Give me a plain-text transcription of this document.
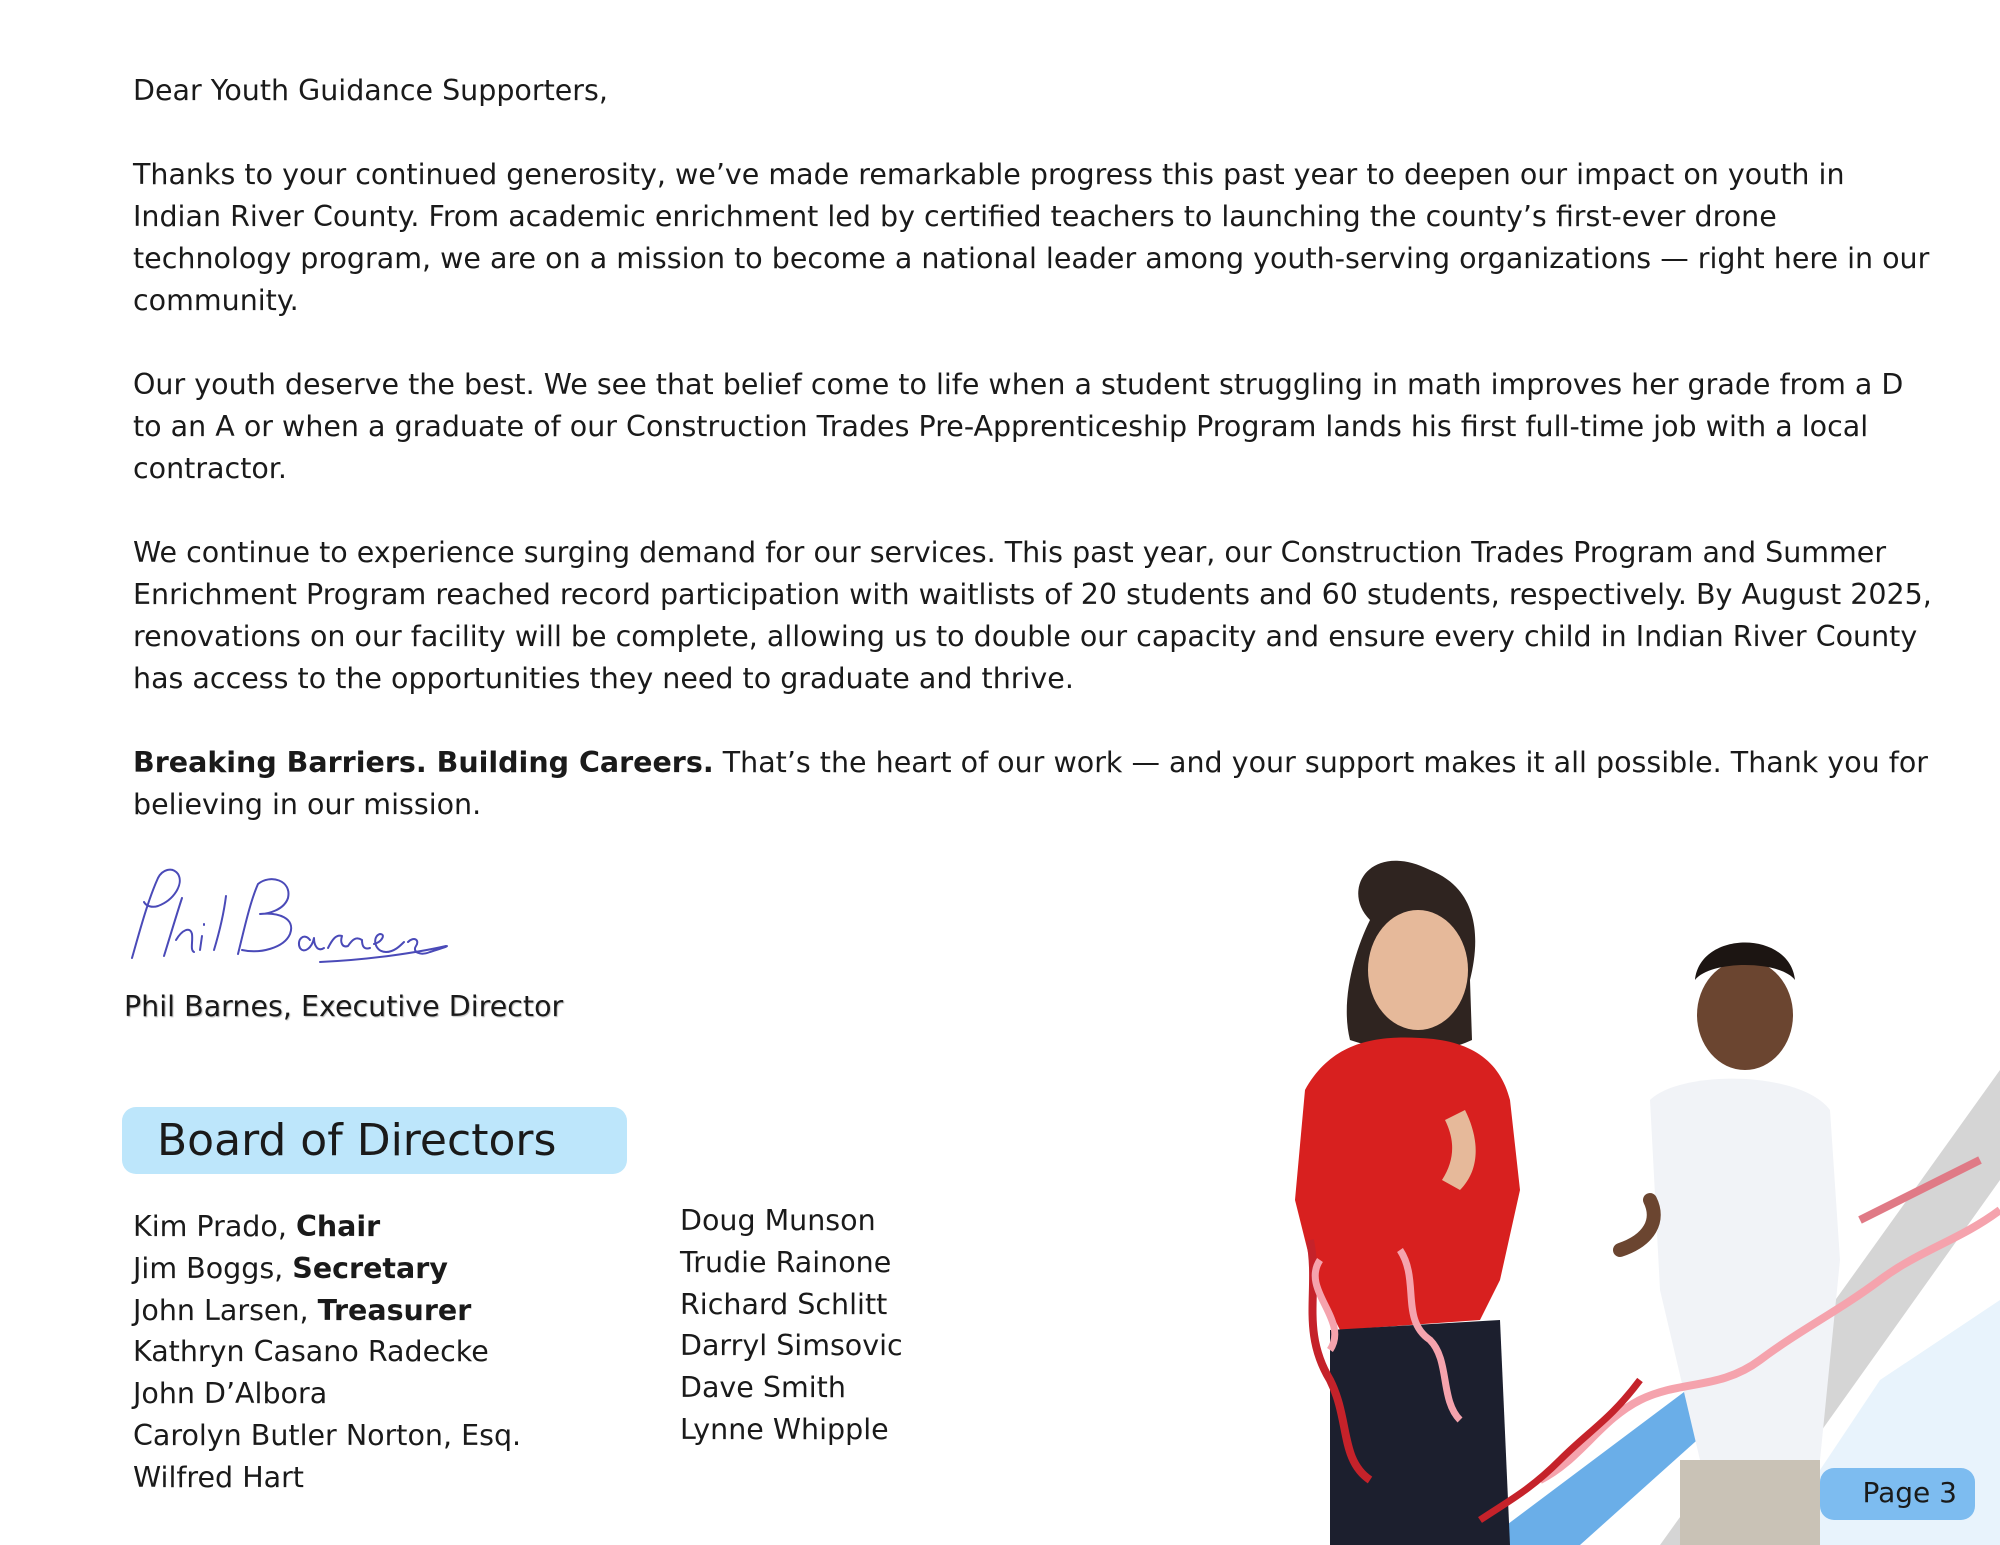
Dear Youth Guidance Supporters,

Thanks to your continued generosity, we’ve made remarkable progress this past year to deepen our impact on youth in Indian River County. From academic enrichment led by certified teachers to launching the county’s first-ever drone technology program, we are on a mission to become a national leader among youth-serving organizations — right here in our community.

Our youth deserve the best. We see that belief come to life when a student struggling in math improves her grade from a D to an A or when a graduate of our Construction Trades Pre-Apprenticeship Program lands his first full-time job with a local contractor.

We continue to experience surging demand for our services. This past year, our Construction Trades Program and Summer Enrichment Program reached record participation with waitlists of 20 students and 60 students, respectively. By August 2025, renovations on our facility will be complete, allowing us to double our capacity and ensure every child in Indian River County has access to the opportunities they need to graduate and thrive.

Breaking Barriers. Building Careers. That’s the heart of our work — and your support makes it all possible. Thank you for believing in our mission.

Phil Barnes, Executive Director
Board of Directors
Kim Prado, Chair
Jim Boggs, Secretary
John Larsen, Treasurer
Kathryn Casano Radecke
John D’Albora
Carolyn Butler Norton, Esq.
Wilfred Hart
Doug Munson
Trudie Rainone
Richard Schlitt
Darryl Simsovic
Dave Smith
Lynne Whipple
Page 3
